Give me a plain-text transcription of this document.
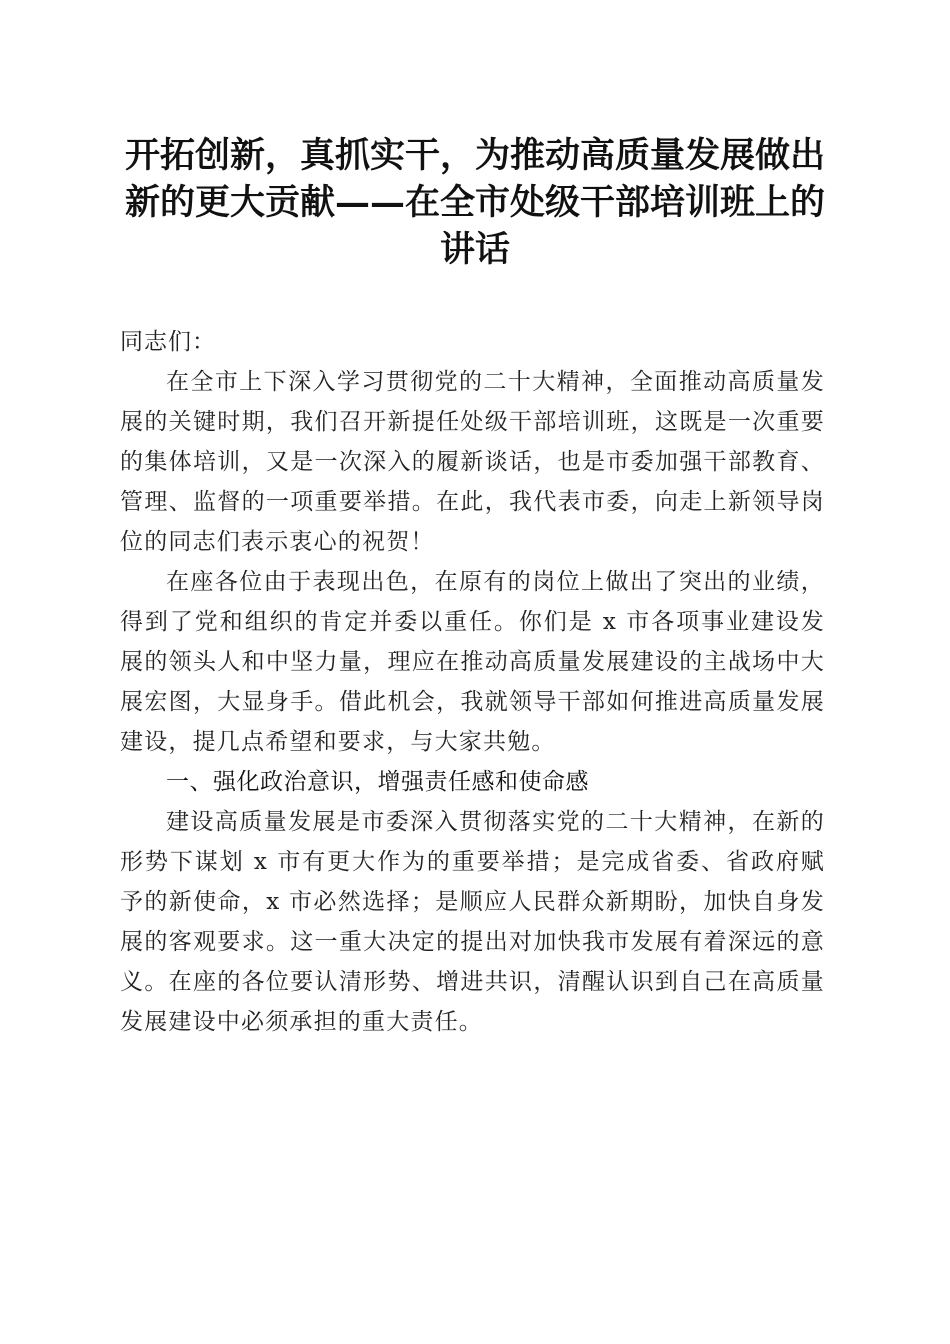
开拓创新，真抓实干，为推动高质量发展做出新的更大贡献——在全市处级干部培训班上的讲话

同志们：

在全市上下深入学习贯彻党的二十大精神，全面推动高质量发展的关键时期，我们召开新提任处级干部培训班，这既是一次重要的集体培训，又是一次深入的履新谈话，也是市委加强干部教育、管理、监督的一项重要举措。在此，我代表市委，向走上新领导岗位的同志们表示衷心的祝贺！

在座各位由于表现出色，在原有的岗位上做出了突出的业绩，得到了党和组织的肯定并委以重任。你们是 x 市各项事业建设发展的领头人和中坚力量，理应在推动高质量发展建设的主战场中大展宏图，大显身手。借此机会，我就领导干部如何推进高质量发展建设，提几点希望和要求，与大家共勉。

一、强化政治意识，增强责任感和使命感

建设高质量发展是市委深入贯彻落实党的二十大精神，在新的形势下谋划 x 市有更大作为的重要举措；是完成省委、省政府赋予的新使命，x 市必然选择；是顺应人民群众新期盼，加快自身发展的客观要求。这一重大决定的提出对加快我市发展有着深远的意义。在座的各位要认清形势、增进共识，清醒认识到自己在高质量发展建设中必须承担的重大责任。
